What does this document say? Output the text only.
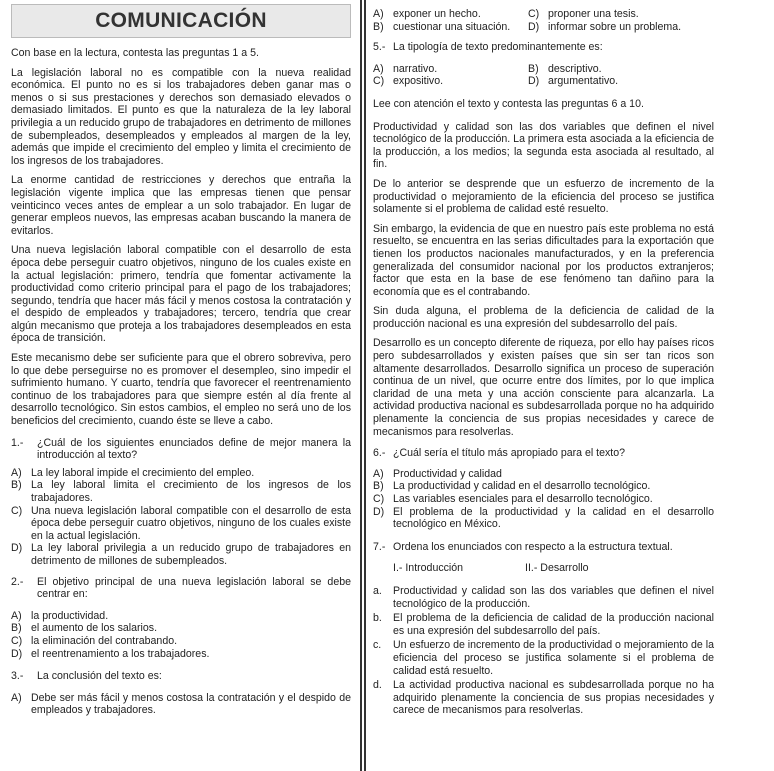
COMUNICACIÓN

Con base en la lectura, contesta las preguntas 1 a 5.

La legislación laboral no es compatible con la nueva realidad económica. El punto no es si los trabajadores deben ganar mas o menos o si sus prestaciones y derechos son demasiado elevados o demasiado limitados. El punto es que la naturaleza de la ley laboral privilegia a un reducido grupo de trabajadores en detrimento de millones de subempleados, desempleados y empleados al margen de la ley, además que impide el crecimiento del empleo y limita el crecimiento de los ingresos de los trabajadores.

La enorme cantidad de restricciones y derechos que entraña la legislación vigente implica que las empresas tienen que pensar veinticinco veces antes de emplear a un solo trabajador. En lugar de generar empleos nuevos, las empresas acaban buscando la manera de evitarlos.

Una nueva legislación laboral compatible con el desarrollo de esta época debe perseguir cuatro objetivos, ninguno de los cuales existe en la actual legislación: primero, tendría que fomentar activamente la productividad como criterio principal para el pago de los trabajadores; segundo, tendría que hacer más fácil y menos costosa la contratación y el despido de empleados y trabajadores; tercero, tendría que crear algún mecanismo que proteja a los trabajadores desempleados en esta época de transición.

Este mecanismo debe ser suficiente para que el obrero sobreviva, pero lo que debe perseguirse no es promover el desempleo, sino impedir el sufrimiento humano. Y cuarto, tendría que favorecer el reentrenamiento continuo de los trabajadores para que siempre estén al día frente al desarrollo tecnológico. Sin estos cambios, el empleo no será uno de los beneficios del crecimiento, cuando éste se lleve a cabo.

1.-	¿Cuál de los siguientes enunciados define de mejor manera la introducción al texto?
A) La ley laboral impide el crecimiento del empleo.
B) La ley laboral limita el crecimiento de los ingresos de los trabajadores.
C) Una nueva legislación laboral compatible con el desarrollo de esta época debe perseguir cuatro objetivos, ninguno de los cuales existe en la actual legislación.
D) La ley laboral privilegia a un reducido grupo de trabajadores en detrimento de millones de subempleados.
2.-	El objetivo principal de una nueva legislación laboral se debe centrar en:
A) la productividad.
B) el aumento de los salarios.
C) la eliminación del contrabando.
D) el reentrenamiento a los trabajadores.
3.-	La conclusión del texto es:
A) Debe ser más fácil y menos costosa la contratación y el despido de empleados y trabajadores.
A) exponer un hecho.	C) proponer una tesis.
B) cuestionar una situación. D) informar sobre un problema.
5.- La tipología de texto predominantemente es:
A) narrativo.	B) descriptivo.
C) expositivo.	D) argumentativo.

Lee con atención el texto y contesta las preguntas 6 a 10.

Productividad y calidad son las dos variables que definen el nivel tecnológico de la producción. La primera esta asociada a la eficiencia de la producción, a los medios; la segunda esta asociada al resultado, al fin.

De lo anterior se desprende que un esfuerzo de incremento de la productividad o mejoramiento de la eficiencia del proceso se justifica solamente si el problema de calidad esté resuelto.

Sin embargo, la evidencia de que en nuestro país este problema no está resuelto, se encuentra en las serias dificultades para la exportación que tienen los productos nacionales manufacturados, y en la preferencia generalizada del consumidor nacional por los productos extranjeros; factor que esta en la base de ese fenómeno tan dañino para la economía que es el contrabando.

Sin duda alguna, el problema de la deficiencia de calidad de la producción nacional es una expresión del subdesarrollo del país.

Desarrollo es un concepto diferente de riqueza, por ello hay países ricos pero subdesarrollados y existen países que sin ser tan ricos son altamente desarrollados. Desarrollo significa un proceso de superación continua de un nivel, que ocurre entre dos límites, por lo que implica claridad de una meta y una acción consciente para alcanzarla. La actividad productiva nacional es subdesarrollada porque no ha adquirido plenamente la conciencia de sus propias necesidades y carece de mecanismos para resolverlas.

6.- ¿Cuál sería el título más apropiado para el texto?
A) Productividad y calidad
B) La productividad y calidad en el desarrollo tecnológico.
C) Las variables esenciales para el desarrollo tecnológico.
D) El problema de la productividad y la calidad en el desarrollo tecnológico en México.
7.- Ordena los enunciados con respecto a la estructura textual.
I.- Introducción	II.- Desarrollo
a.	Productividad y calidad son las dos variables que definen el nivel tecnológico de la producción.
b.	El problema de la deficiencia de calidad de la producción nacional es una expresión del subdesarrollo del país.
c.	Un esfuerzo de incremento de la productividad o mejoramiento de la eficiencia del proceso se justifica solamente si el problema de calidad está resuelto.
d.	La actividad productiva nacional es subdesarrollada porque no ha adquirido plenamente la conciencia de sus propias necesidades y carece de mecanismos para resolverlas.
